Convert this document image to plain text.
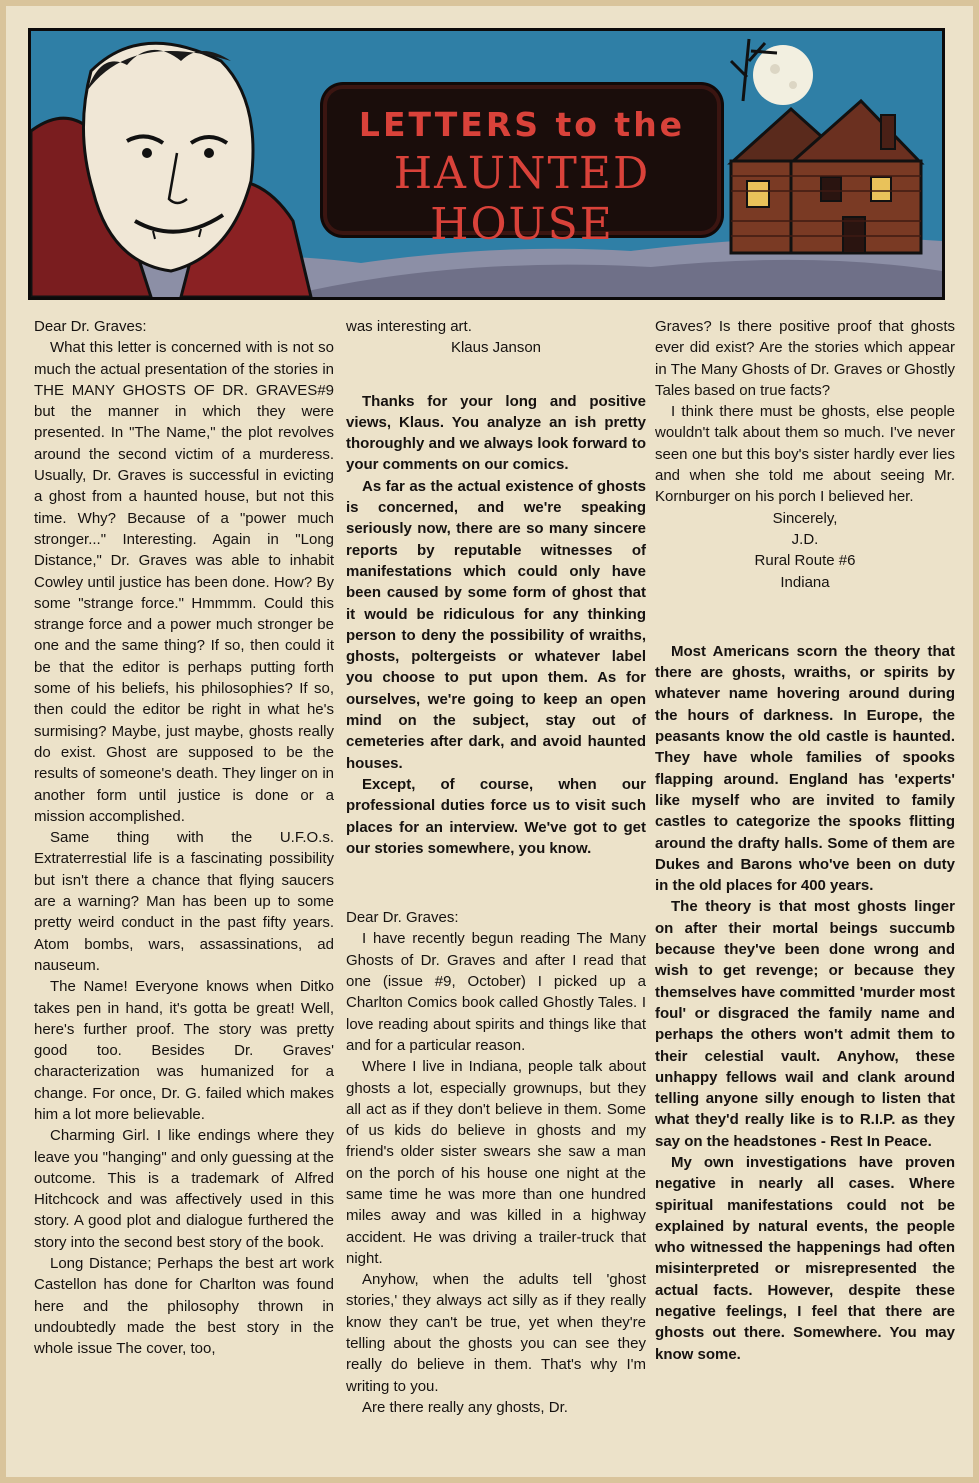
LETTERS to the
HAUNTED HOUSE

Dear Dr. Graves:

What this letter is concerned with is not so much the actual presentation of the stories in THE MANY GHOSTS OF DR. GRAVES#9 but the manner in which they were presented. In "The Name," the plot revolves around the second victim of a murderess. Usually, Dr. Graves is successful in evicting a ghost from a haunted house, but not this time. Why? Because of a "power much stronger..." Interesting. Again in "Long Distance," Dr. Graves was able to inhabit Cowley until justice has been done. How? By some "strange force." Hmmmm. Could this strange force and a power much stronger be one and the same thing? If so, then could it be that the editor is perhaps putting forth some of his beliefs, his philosophies? If so, then could the editor be right in what he's surmising? Maybe, just maybe, ghosts really do exist. Ghost are supposed to be the results of someone's death. They linger on in another form until justice is done or a mission accomplished.

Same thing with the U.F.O.s. Extraterrestial life is a fascinating possibility but isn't there a chance that flying saucers are a warning? Man has been up to some pretty weird conduct in the past fifty years. Atom bombs, wars, assassinations, ad nauseum.

The Name! Everyone knows when Ditko takes pen in hand, it's gotta be great! Well, here's further proof. The story was pretty good too. Besides Dr. Graves' characterization was humanized for a change. For once, Dr. G. failed which makes him a lot more believable.

Charming Girl. I like endings where they leave you "hanging" and only guessing at the outcome. This is a trademark of Alfred Hitchcock and was affectively used in this story. A good plot and dialogue furthered the story into the second best story of the book.

Long Distance; Perhaps the best art work Castellon has done for Charlton was found here and the philosophy thrown in undoubtedly made the best story in the whole issue The cover, too,

was interesting art.

Klaus Janson

Thanks for your long and positive views, Klaus. You analyze an ish pretty thoroughly and we always look forward to your comments on our comics.

As far as the actual existence of ghosts is concerned, and we're speaking seriously now, there are so many sincere reports by reputable witnesses of manifestations which could only have been caused by some form of ghost that it would be ridiculous for any thinking person to deny the possibility of wraiths, ghosts, poltergeists or whatever label you choose to put upon them. As for ourselves, we're going to keep an open mind on the subject, stay out of cemeteries after dark, and avoid haunted houses.

Except, of course, when our professional duties force us to visit such places for an interview. We've got to get our stories somewhere, you know.

Dear Dr. Graves:

I have recently begun reading The Many Ghosts of Dr. Graves and after I read that one (issue #9, October) I picked up a Charlton Comics book called Ghostly Tales. I love reading about spirits and things like that and for a particular reason.

Where I live in Indiana, people talk about ghosts a lot, especially grownups, but they all act as if they don't believe in them. Some of us kids do believe in ghosts and my friend's older sister swears she saw a man on the porch of his house one night at the same time he was more than one hundred miles away and was killed in a highway accident. He was driving a trailer-truck that night.

Anyhow, when the adults tell 'ghost stories,' they always act silly as if they really know they can't be true, yet when they're telling about the ghosts you can see they really do believe in them. That's why I'm writing to you.

Are there really any ghosts, Dr.

Graves? Is there positive proof that ghosts ever did exist? Are the stories which appear in The Many Ghosts of Dr. Graves or Ghostly Tales based on true facts?

I think there must be ghosts, else people wouldn't talk about them so much. I've never seen one but this boy's sister hardly ever lies and when she told me about seeing Mr. Kornburger on his porch I believed her.

Sincerely,

J.D.

Rural Route #6

Indiana

Most Americans scorn the theory that there are ghosts, wraiths, or spirits by whatever name hovering around during the hours of darkness. In Europe, the peasants know the old castle is haunted. They have whole families of spooks flapping around. England has 'experts' like myself who are invited to family castles to categorize the spooks flitting around the drafty halls. Some of them are Dukes and Barons who've been on duty in the old places for 400 years.

The theory is that most ghosts linger on after their mortal beings succumb because they've been done wrong and wish to get revenge; or because they themselves have committed 'murder most foul' or disgraced the family name and perhaps the others won't admit them to their celestial vault. Anyhow, these unhappy fellows wail and clank around telling anyone silly enough to listen that what they'd really like is to R.I.P. as they say on the headstones - Rest In Peace.

My own investigations have proven negative in nearly all cases. Where spiritual manifestations could not be explained by natural events, the people who witnessed the happenings had often misinterpreted or misrepresented the actual facts. However, despite these negative feelings, I feel that there are ghosts out there. Somewhere. You may know some.
